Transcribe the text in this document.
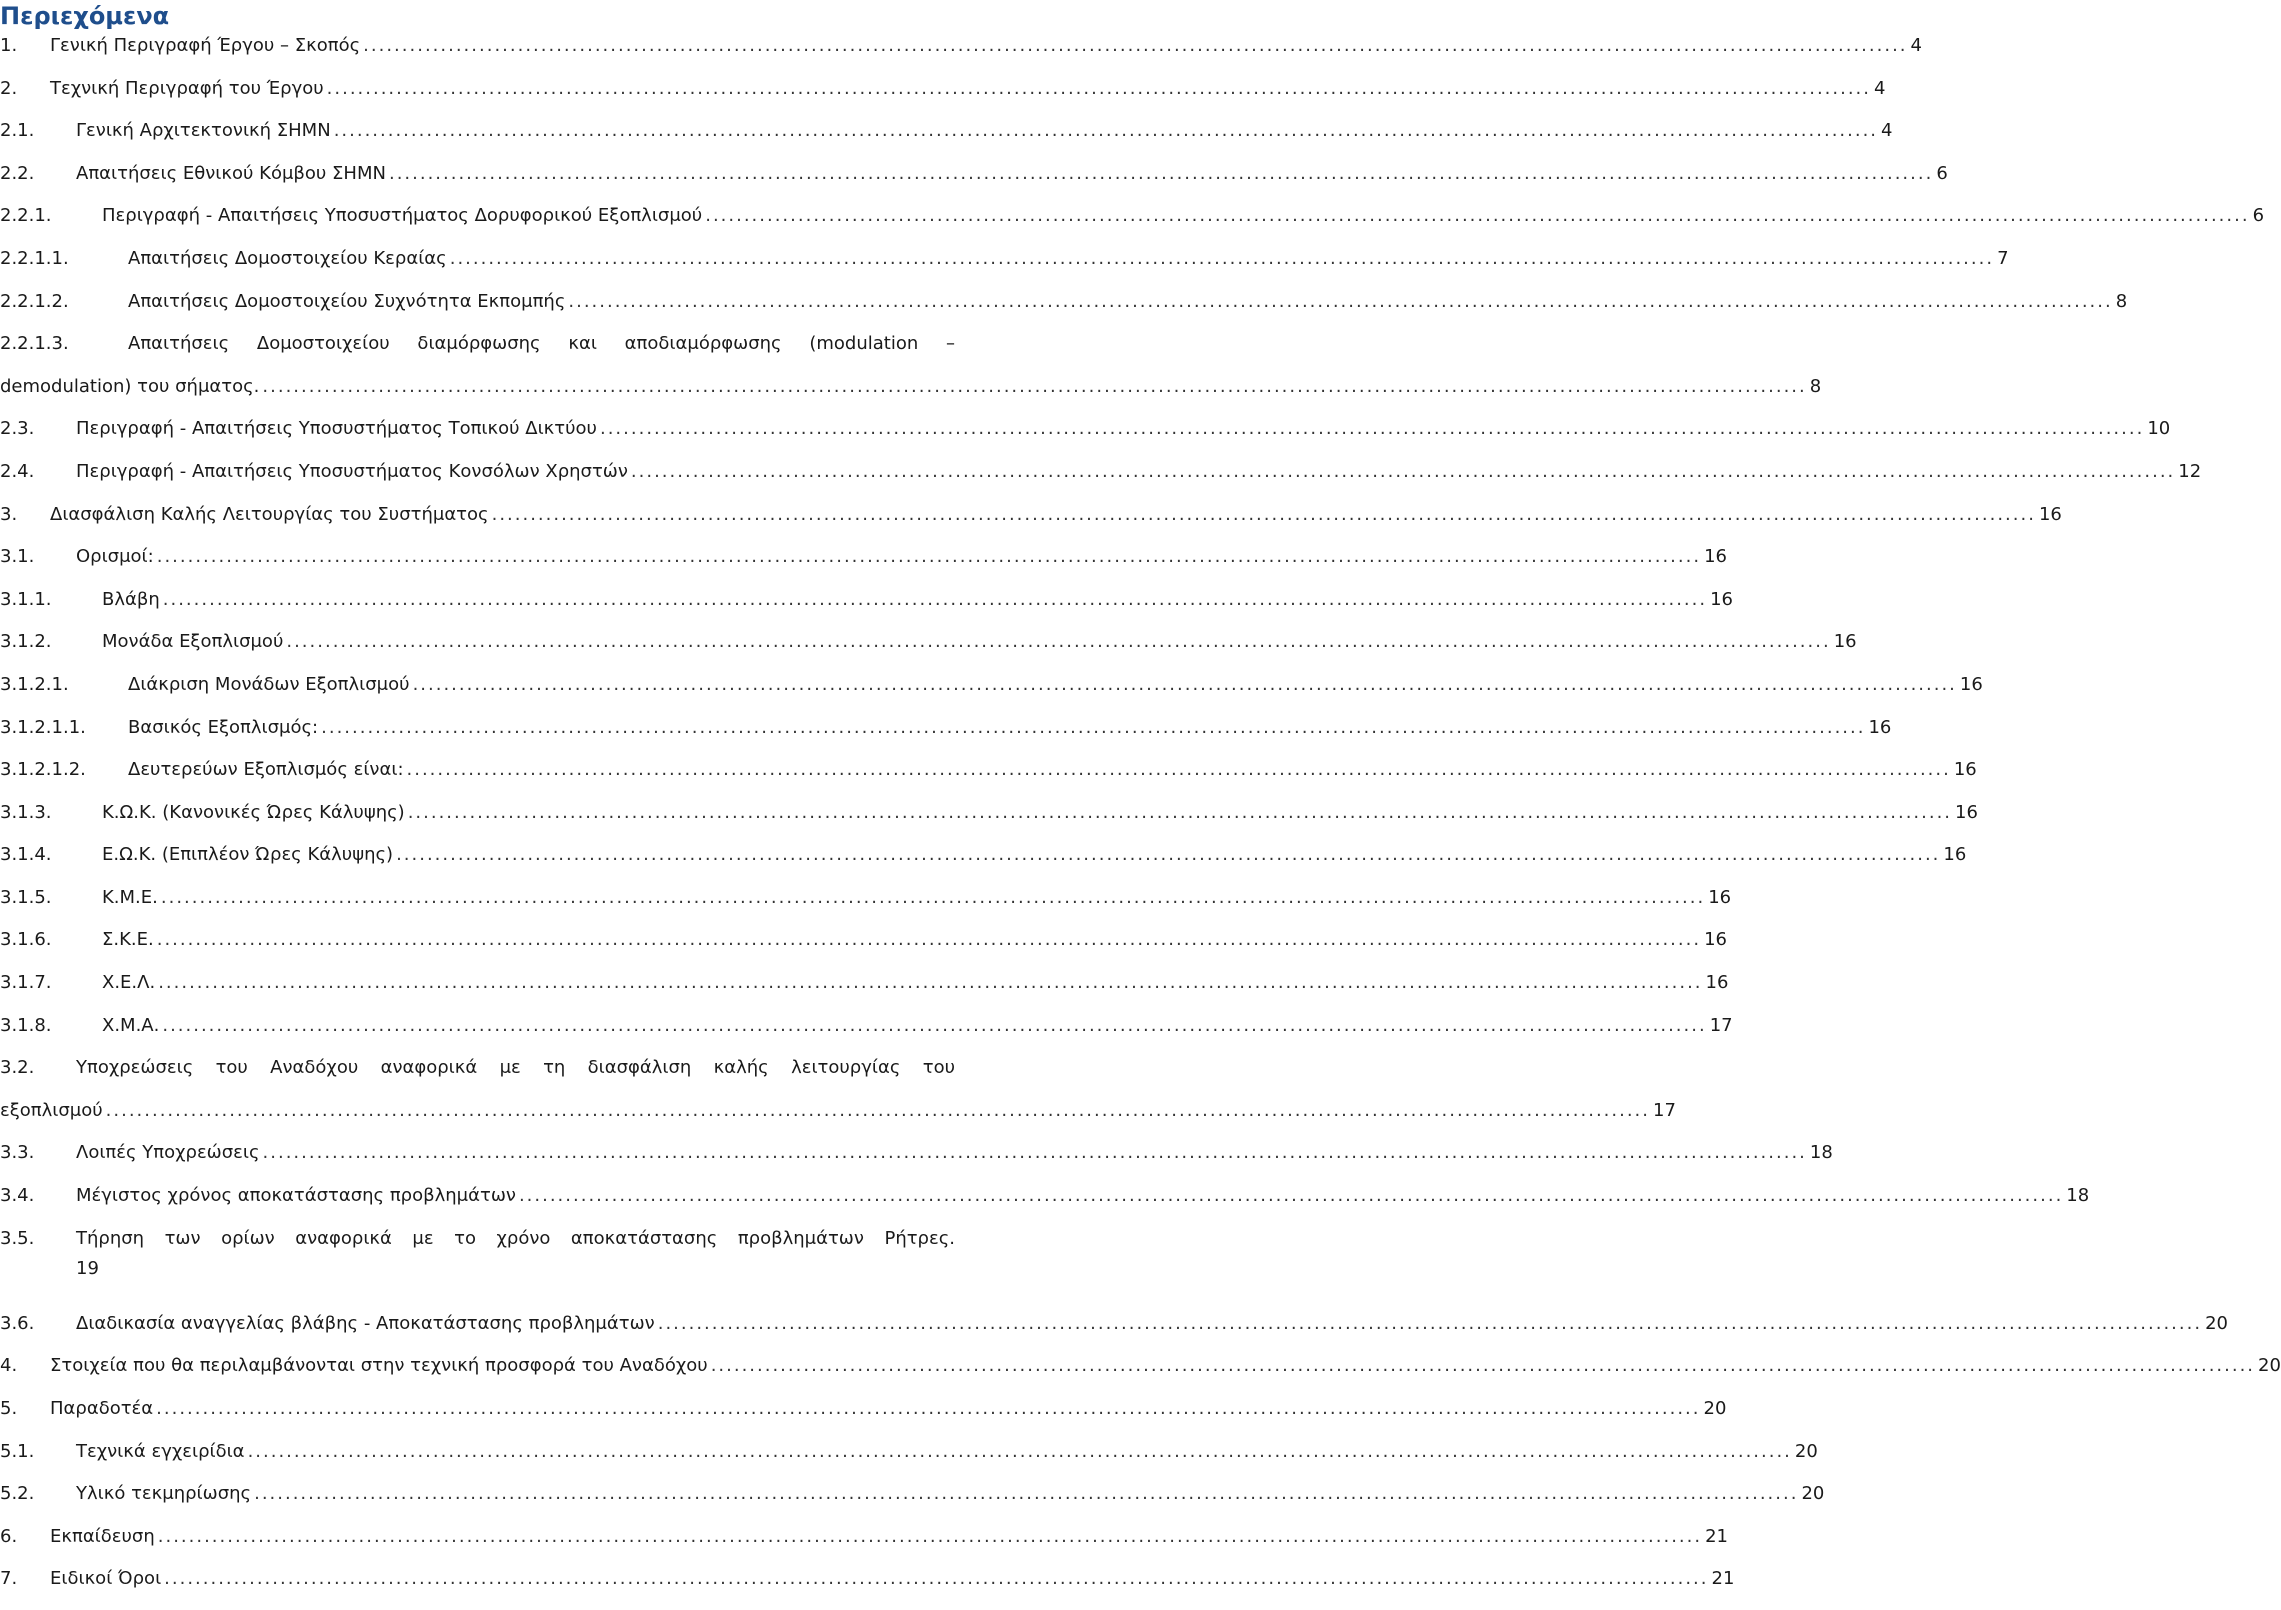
Περιεχόμενα
1.	Γενική Περιγραφή Έργου – Σκοπός ........................................................................................................................................................................................................ 4
2.	Τεχνική Περιγραφή του Έργου ........................................................................................................................................................................................................ 4
2.1.	Γενική Αρχιτεκτονική ΣΗΜΝ ........................................................................................................................................................................................................ 4
2.2.	Απαιτήσεις Εθνικού Κόμβου ΣΗΜΝ ........................................................................................................................................................................................................ 6
2.2.1.	Περιγραφή - Απαιτήσεις Υποσυστήματος Δορυφορικού Εξοπλισμού ........................................................................................................................................................................................................ 6
2.2.1.1.	Απαιτήσεις Δομοστοιχείου Κεραίας ........................................................................................................................................................................................................ 7
2.2.1.2.	Απαιτήσεις Δομοστοιχείου Συχνότητα Εκπομπής ........................................................................................................................................................................................................ 8
2.2.1.3.	Απαιτήσεις Δομοστοιχείου διαμόρφωσης και αποδιαμόρφωσης (modulation –
demodulation) του σήματος. ........................................................................................................................................................................................................ 8
2.3.	Περιγραφή - Απαιτήσεις Υποσυστήματος Τοπικού Δικτύου ........................................................................................................................................................................................................ 10
2.4.	Περιγραφή - Απαιτήσεις Υποσυστήματος Κονσόλων Χρηστών ........................................................................................................................................................................................................ 12
3.	Διασφάλιση Καλής Λειτουργίας του Συστήματος ........................................................................................................................................................................................................ 16
3.1.	Ορισμοί: ........................................................................................................................................................................................................ 16
3.1.1.	Βλάβη ........................................................................................................................................................................................................ 16
3.1.2.	Μονάδα Εξοπλισμού ........................................................................................................................................................................................................ 16
3.1.2.1.	Διάκριση Μονάδων Εξοπλισμού ........................................................................................................................................................................................................ 16
3.1.2.1.1.	Βασικός Εξοπλισμός: ........................................................................................................................................................................................................ 16
3.1.2.1.2.	Δευτερεύων Εξοπλισμός είναι: ........................................................................................................................................................................................................ 16
3.1.3.	Κ.Ω.Κ. (Κανονικές Ώρες Κάλυψης) ........................................................................................................................................................................................................ 16
3.1.4.	Ε.Ω.Κ. (Επιπλέον Ώρες Κάλυψης) ........................................................................................................................................................................................................ 16
3.1.5.	Κ.Μ.Ε. ........................................................................................................................................................................................................ 16
3.1.6.	Σ.Κ.Ε. ........................................................................................................................................................................................................ 16
3.1.7.	Χ.Ε.Λ. ........................................................................................................................................................................................................ 16
3.1.8.	Χ.Μ.Α. ........................................................................................................................................................................................................ 17
3.2.	Υποχρεώσεις του Αναδόχου αναφορικά με τη διασφάλιση καλής λειτουργίας του
εξοπλισμού ........................................................................................................................................................................................................ 17
3.3.	Λοιπές Υποχρεώσεις ........................................................................................................................................................................................................ 18
3.4.	Μέγιστος χρόνος αποκατάστασης προβλημάτων ........................................................................................................................................................................................................ 18
3.5.	Τήρηση των ορίων αναφορικά με το χρόνο αποκατάστασης προβλημάτων Ρήτρες.
19
3.6.	Διαδικασία αναγγελίας βλάβης - Αποκατάστασης προβλημάτων ........................................................................................................................................................................................................ 20
4.	Στοιχεία που θα περιλαμβάνονται στην τεχνική προσφορά του Αναδόχου ........................................................................................................................................................................................................ 20
5.	Παραδοτέα ........................................................................................................................................................................................................ 20
5.1.	Τεχνικά εγχειρίδια ........................................................................................................................................................................................................ 20
5.2.	Υλικό τεκμηρίωσης ........................................................................................................................................................................................................ 20
6.	Εκπαίδευση ........................................................................................................................................................................................................ 21
7.	Ειδικοί Όροι ........................................................................................................................................................................................................ 21
